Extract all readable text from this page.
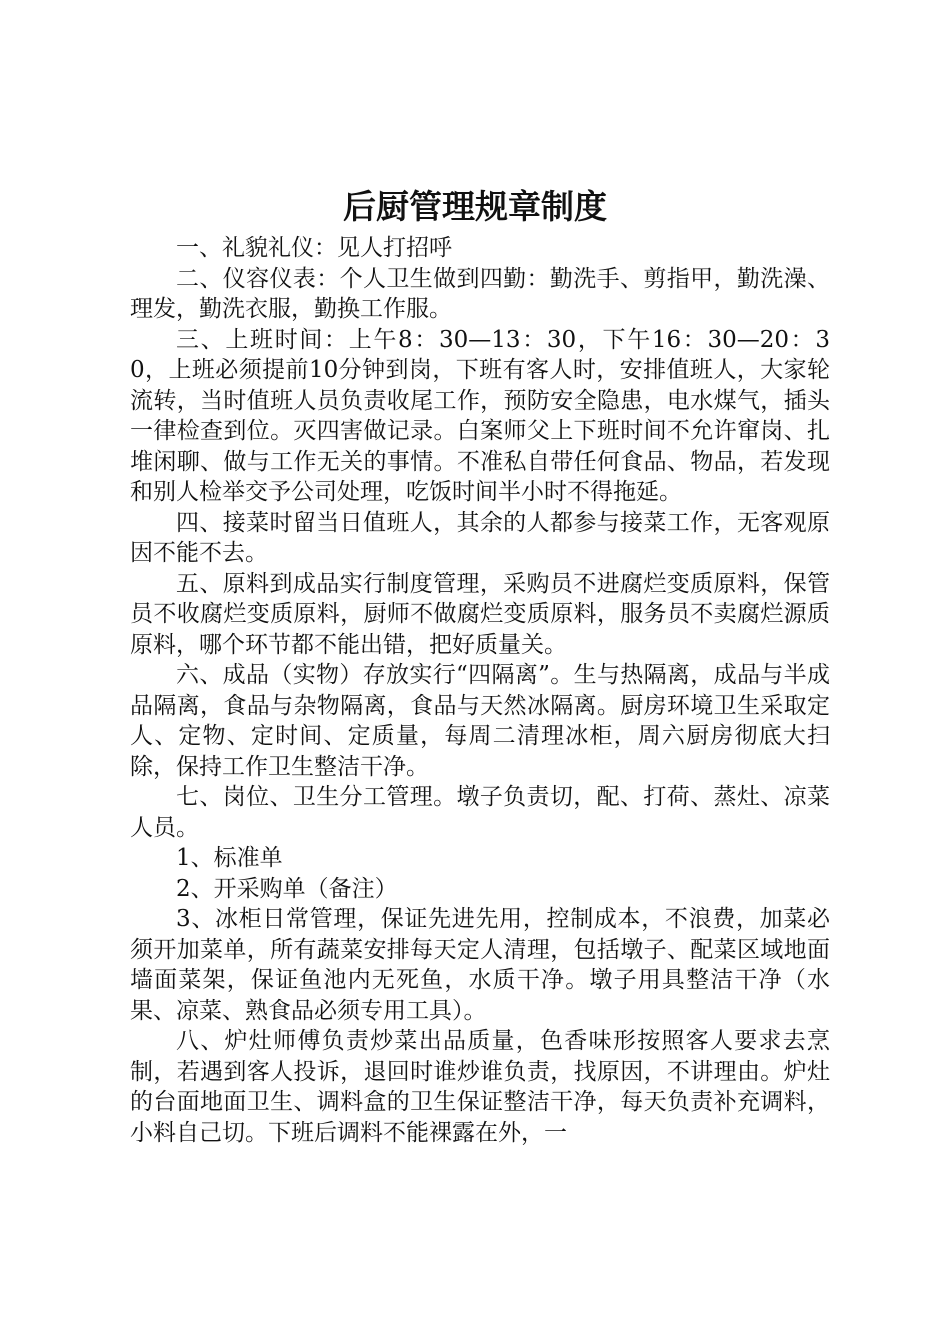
后厨管理规章制度

一、礼貌礼仪：见人打招呼

二、仪容仪表：个人卫生做到四勤：勤洗手、剪指甲，勤洗澡、理发，勤洗衣服，勤换工作服。

三、上班时间：上午8：30—13：30，下午16：30—20：30，上班必须提前10分钟到岗，下班有客人时，安排值班人，大家轮流转，当时值班人员负责收尾工作，预防安全隐患，电水煤气，插头一律检查到位。灭四害做记录。白案师父上下班时间不允许窜岗、扎堆闲聊、做与工作无关的事情。不准私自带任何食品、物品，若发现和别人检举交予公司处理，吃饭时间半小时不得拖延。

四、接菜时留当日值班人，其余的人都参与接菜工作，无客观原因不能不去。

五、原料到成品实行制度管理，采购员不进腐烂变质原料，保管员不收腐烂变质原料，厨师不做腐烂变质原料，服务员不卖腐烂源质原料，哪个环节都不能出错，把好质量关。

六、成品（实物）存放实行“四隔离”。生与热隔离，成品与半成品隔离，食品与杂物隔离，食品与天然冰隔离。厨房环境卫生采取定人、定物、定时间、定质量，每周二清理冰柜，周六厨房彻底大扫除，保持工作卫生整洁干净。

七、岗位、卫生分工管理。墩子负责切，配、打荷、蒸灶、凉菜人员。

1、标准单

2、开采购单（备注）

3、冰柜日常管理，保证先进先用，控制成本，不浪费，加菜必须开加菜单，所有蔬菜安排每天定人清理，包括墩子、配菜区域地面墙面菜架，保证鱼池内无死鱼，水质干净。墩子用具整洁干净（水果、凉菜、熟食品必须专用工具）。

八、炉灶师傅负责炒菜出品质量，色香味形按照客人要求去烹制，若遇到客人投诉，退回时谁炒谁负责，找原因，不讲理由。炉灶的台面地面卫生、调料盒的卫生保证整洁干净，每天负责补充调料，小料自己切。下班后调料不能裸露在外，一
